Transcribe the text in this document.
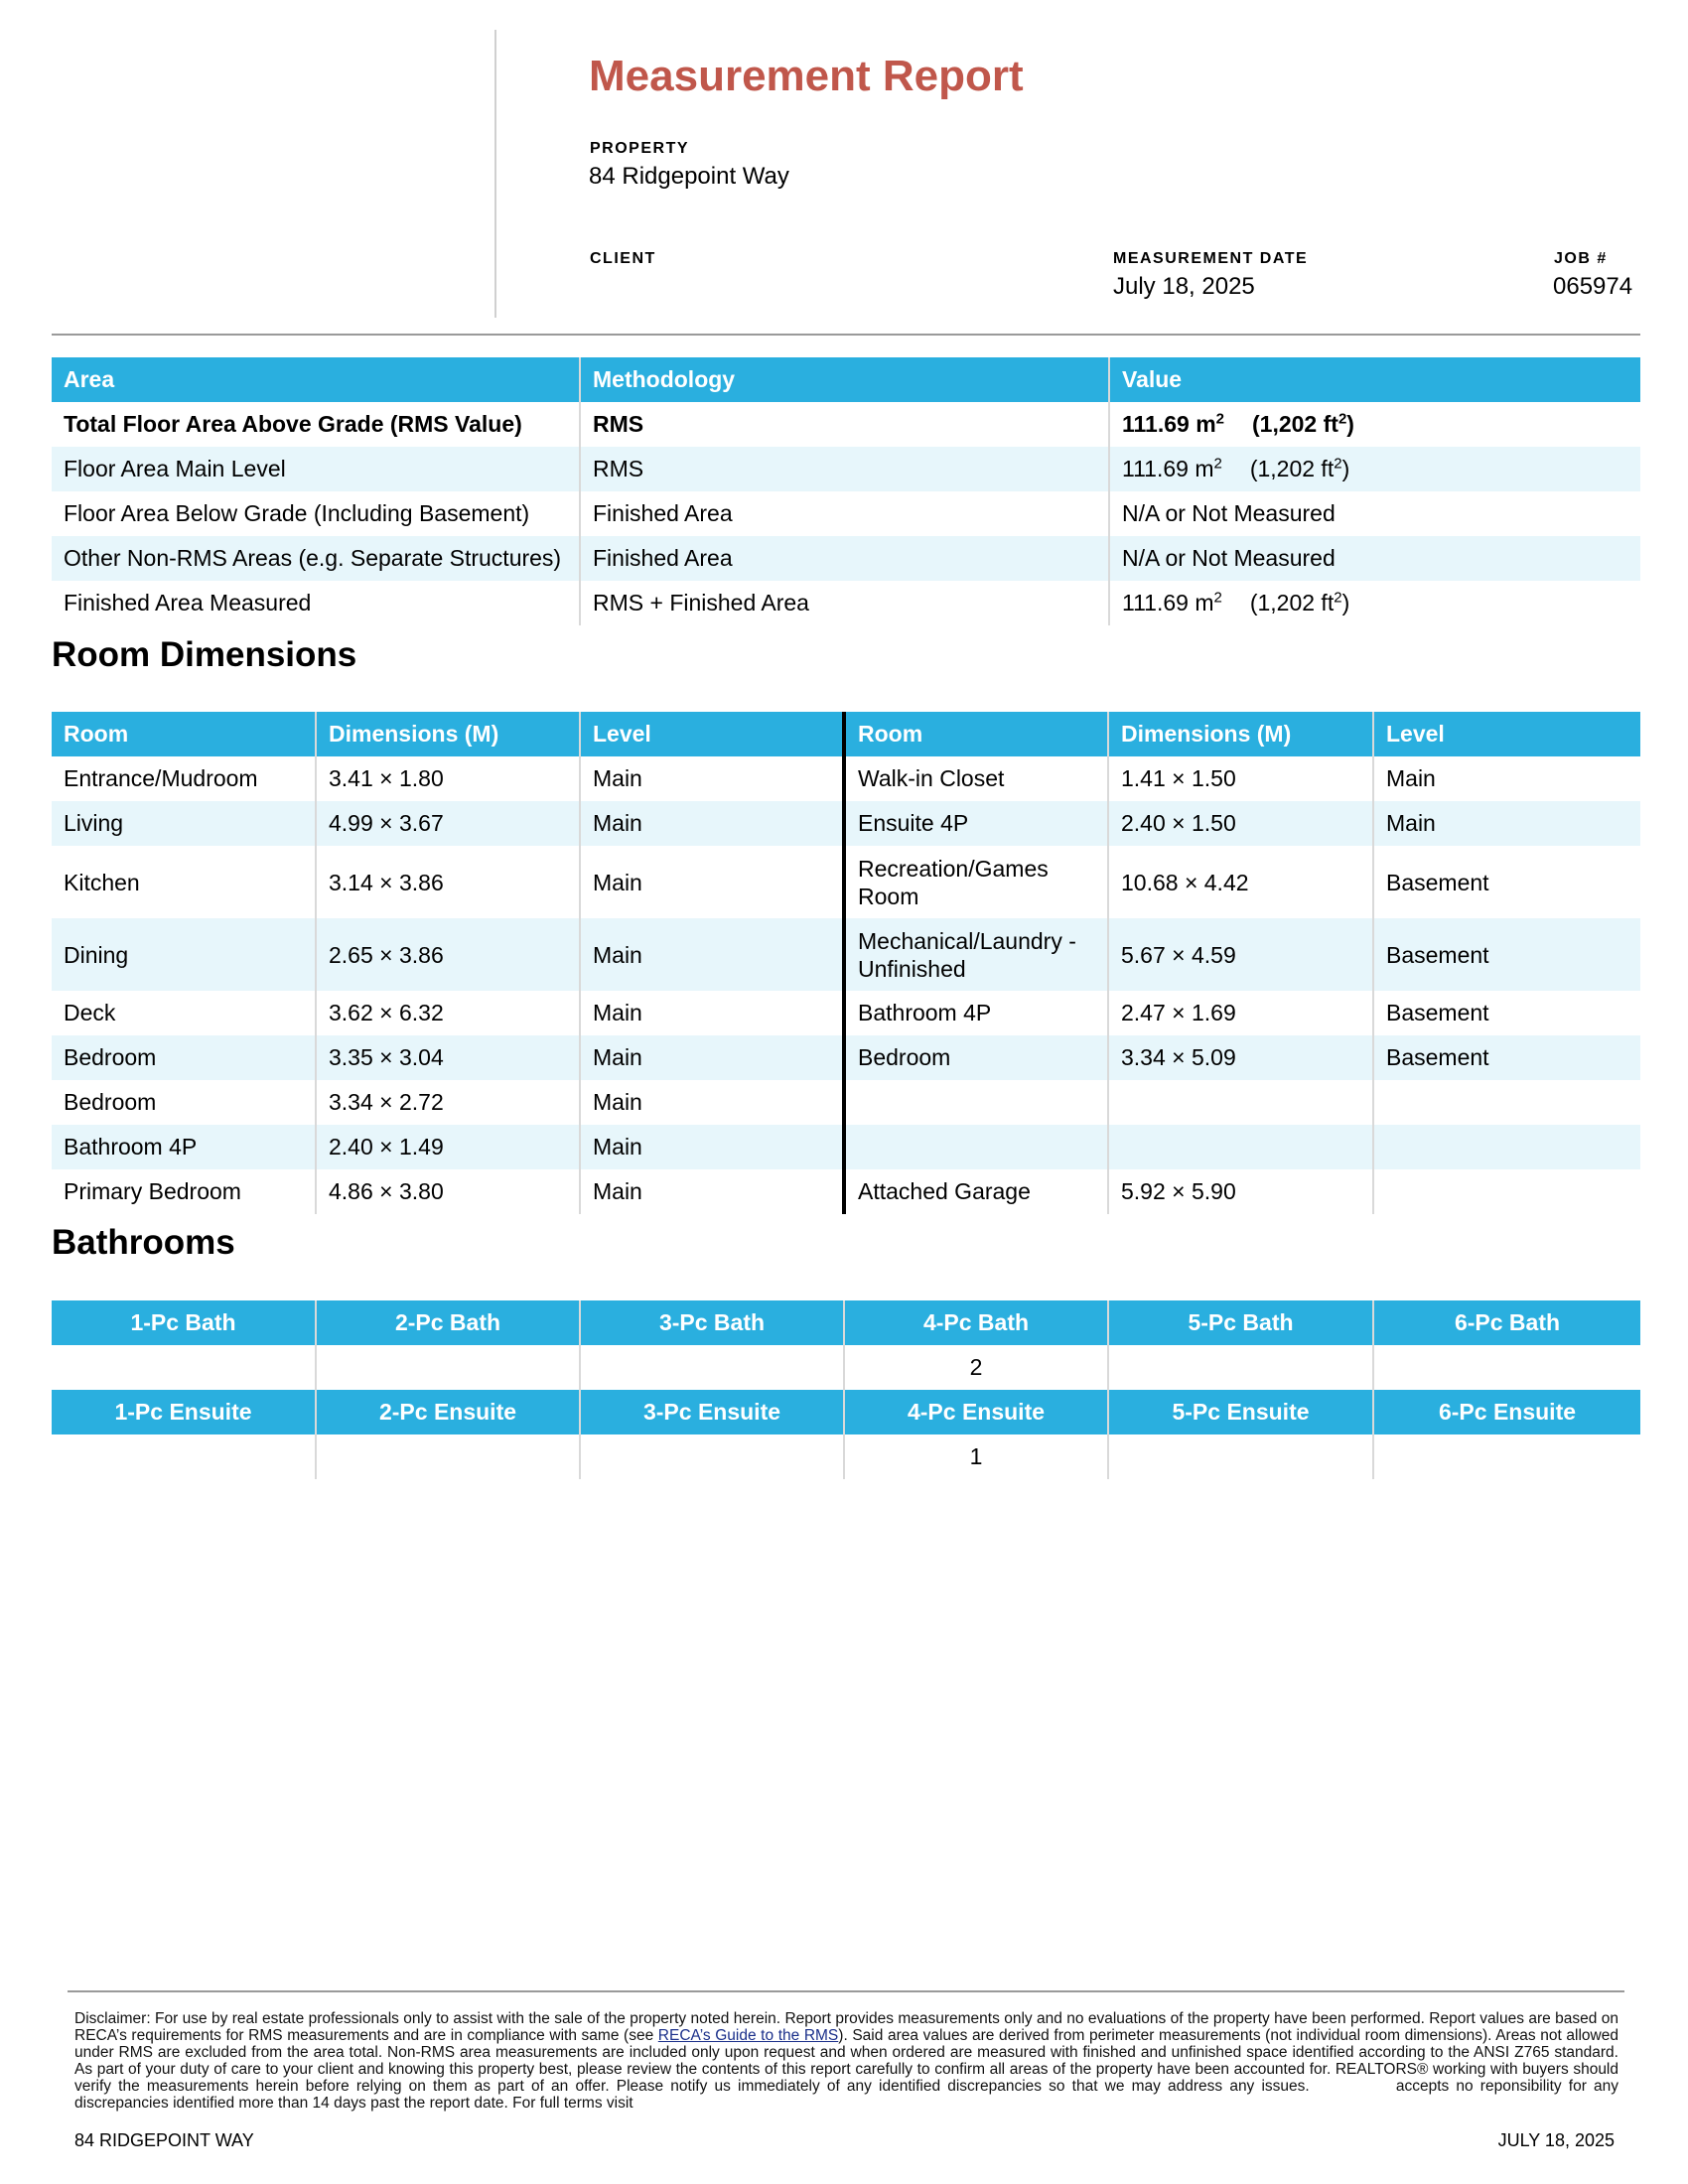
Measurement Report
PROPERTY
84 Ridgepoint Way
CLIENT	MEASUREMENT DATE
July 18, 2025
JOB #
065974
Area	Methodology	Value
Total Floor Area Above Grade (RMS Value)	RMS	111.69 $m^2$ (1,202 $ft^2$)
Floor Area Main Level	RMS	111.69 $m^2$ (1,202 $ft^2$)
Floor Area Below Grade (Including Basement)	Finished Area	N/A or Not Measured
Other Non-RMS Areas (e.g. Separate Structures)	Finished Area	N/A or Not Measured
Finished Area Measured	RMS + Finished Area	111.69 $m^2$ (1,202 $ft^2$)
Room Dimensions
Room	Dimensions (M)	Level	Room	Dimensions (M)	Level
Entrance/Mudroom	3.41 × 1.80	Main	Walk-in Closet	1.41 × 1.50	Main
Living	4.99 × 3.67	Main	Ensuite 4P	2.40 × 1.50	Main
Kitchen	3.14 × 3.86	Main	Recreation/Games Room	10.68 × 4.42	Basement
Dining	2.65 × 3.86	Main	Mechanical/Laundry - Unfinished	5.67 × 4.59	Basement
Deck	3.62 × 6.32	Main	Bathroom 4P	2.47 × 1.69	Basement
Bedroom	3.35 × 3.04	Main	Bedroom	3.34 × 5.09	Basement
Bedroom	3.34 × 2.72	Main			
Bathroom 4P	2.40 × 1.49	Main			
Primary Bedroom	4.86 × 3.80	Main	Attached Garage	5.92 × 5.90	
Bathrooms
1-Pc Bath	2-Pc Bath	3-Pc Bath	4-Pc Bath	5-Pc Bath	6-Pc Bath
			2		
1-Pc Ensuite	2-Pc Ensuite	3-Pc Ensuite	4-Pc Ensuite	5-Pc Ensuite	6-Pc Ensuite
			1		
Disclaimer: For use by real estate professionals only to assist with the sale of the property noted herein. Report provides measurements only and no evaluations of the property have been performed. Report values are based on RECA’s requirements for RMS measurements and are in compliance with same (see RECA’s Guide to the RMS). Said area values are derived from perimeter measurements (not individual room dimensions). Areas not allowed under RMS are excluded from the area total. Non-RMS area measurements are included only upon request and when ordered are measured with finished and unfinished space identified according to the ANSI Z765 standard. As part of your duty of care to your client and knowing this property best, please review the contents of this report carefully to confirm all areas of the property have been accounted for. REALTORS® working with buyers should verify the measurements herein before relying on them as part of an offer. Please notify us immediately of any identified discrepancies so that we may address any issues.	accepts no reponsibility for any discrepancies identified more than 14 days past the report date. For full terms visit
84 RIDGEPOINT WAY	JULY 18, 2025
